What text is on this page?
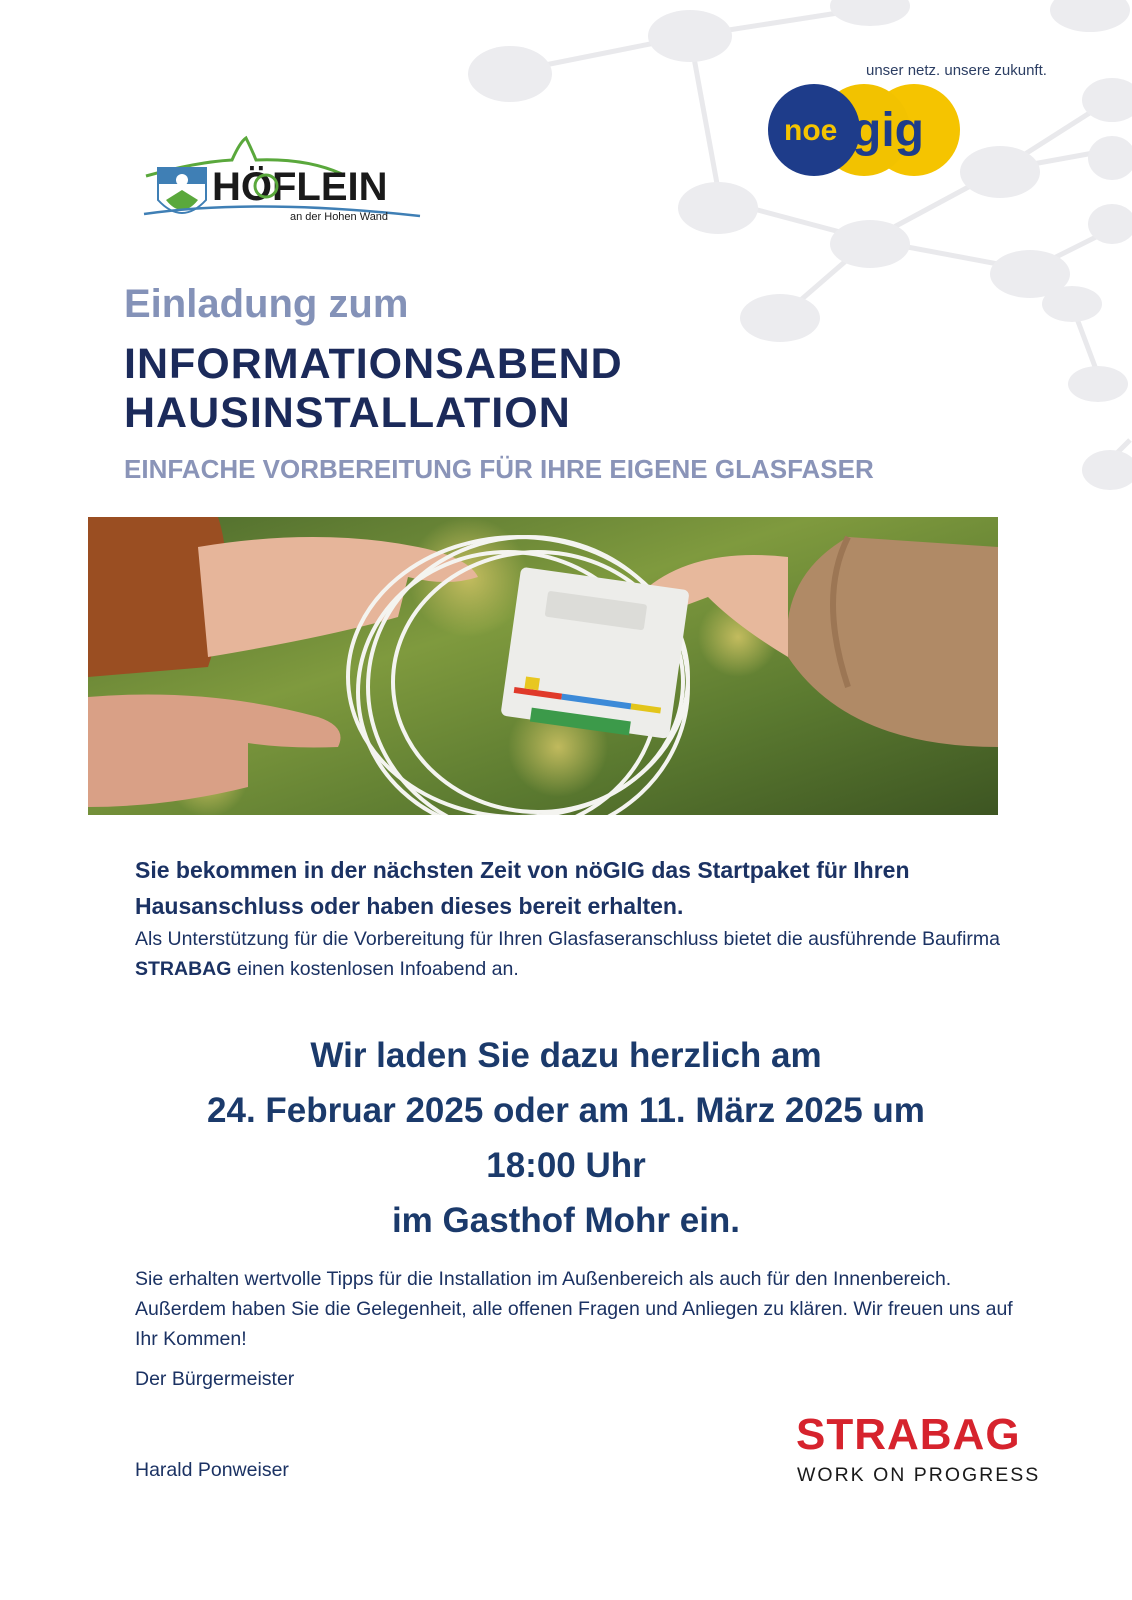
unser netz. unsere zukunft.
noe gig
HÖFLEIN
an der Hohen Wand
Einladung zum
INFORMATIONSABEND
HAUSINSTALLATION
EINFACHE VORBEREITUNG FÜR IHRE EIGENE GLASFASER
Sie bekommen in der nächsten Zeit von nöGIG das Startpaket für Ihren Hausanschluss oder haben dieses bereit erhalten.
Als Unterstützung für die Vorbereitung für Ihren Glasfaseranschluss bietet die ausführende Baufirma STRABAG einen kostenlosen Infoabend an.
Wir laden Sie dazu herzlich am
24. Februar 2025 oder am 11. März 2025 um
18:00 Uhr
im Gasthof Mohr ein.
Sie erhalten wertvolle Tipps für die Installation im Außenbereich als auch für den Innenbereich. Außerdem haben Sie die Gelegenheit, alle offenen Fragen und Anliegen zu klären. Wir freuen uns auf Ihr Kommen!
Der Bürgermeister
Harald Ponweiser
STRABAG
WORK ON PROGRESS
